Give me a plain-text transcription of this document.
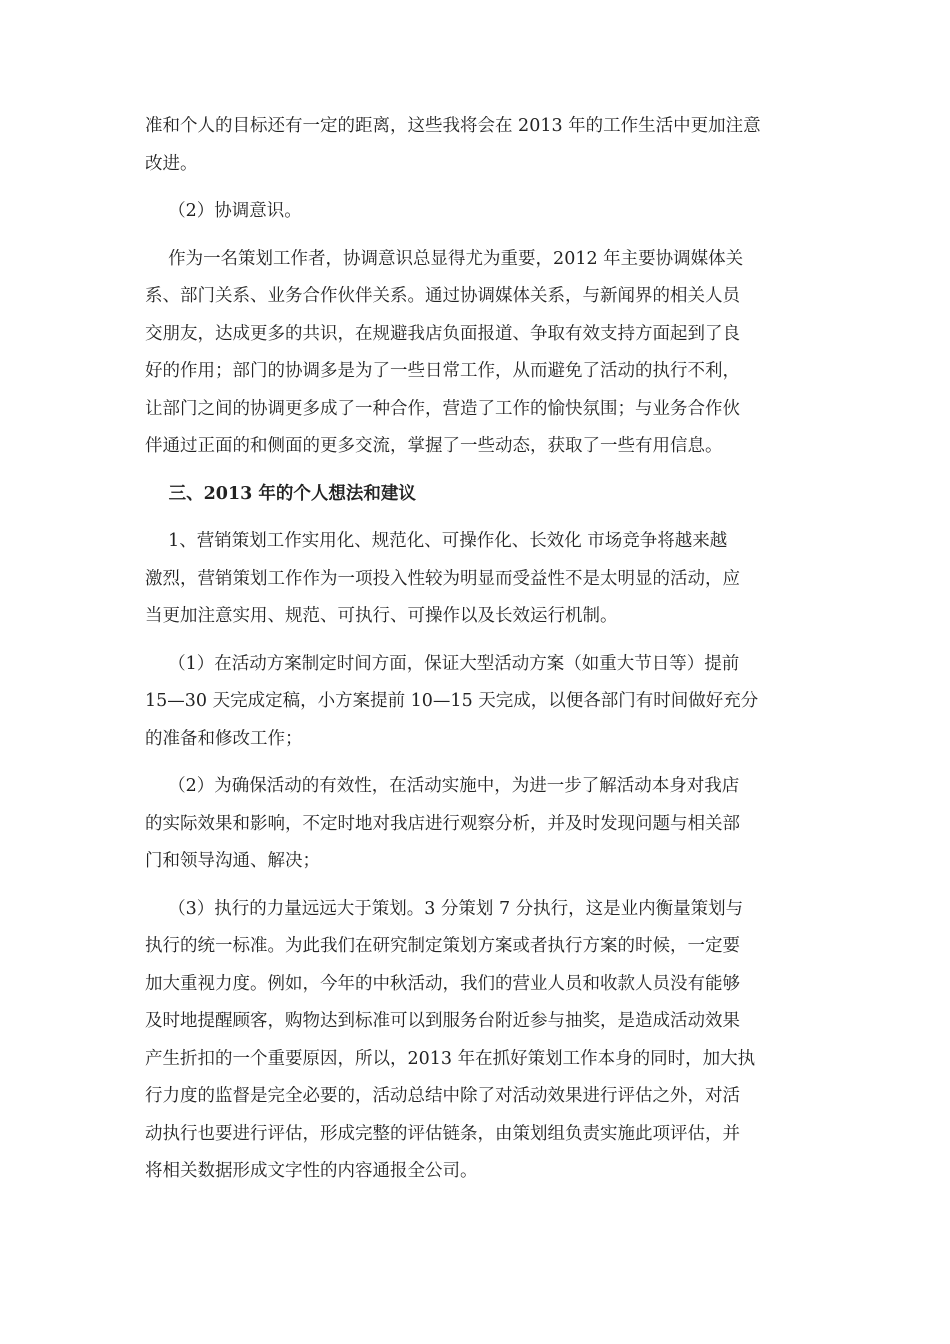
准和个人的目标还有一定的距离，这些我将会在 2013 年的工作生活中更加注意
改进。

　 （2）协调意识。

　 作为一名策划工作者，协调意识总显得尤为重要，2012 年主要协调媒体关
系、部门关系、业务合作伙伴关系。通过协调媒体关系，与新闻界的相关人员
交朋友，达成更多的共识，在规避我店负面报道、争取有效支持方面起到了良
好的作用；部门的协调多是为了一些日常工作，从而避免了活动的执行不利，
让部门之间的协调更多成了一种合作，营造了工作的愉快氛围；与业务合作伙
伴通过正面的和侧面的更多交流，掌握了一些动态，获取了一些有用信息。

　 三、2013 年的个人想法和建议

　 1、营销策划工作实用化、规范化、可操作化、长效化 市场竞争将越来越
激烈，营销策划工作作为一项投入性较为明显而受益性不是太明显的活动，应
当更加注意实用、规范、可执行、可操作以及长效运行机制。

　 （1）在活动方案制定时间方面，保证大型活动方案（如重大节日等）提前
15—30 天完成定稿，小方案提前 10—15 天完成，以便各部门有时间做好充分
的准备和修改工作；

　 （2）为确保活动的有效性，在活动实施中，为进一步了解活动本身对我店
的实际效果和影响，不定时地对我店进行观察分析，并及时发现问题与相关部
门和领导沟通、解决；

　 （3）执行的力量远远大于策划。3 分策划 7 分执行，这是业内衡量策划与
执行的统一标准。为此我们在研究制定策划方案或者执行方案的时候，一定要
加大重视力度。例如，今年的中秋活动，我们的营业人员和收款人员没有能够
及时地提醒顾客，购物达到标准可以到服务台附近参与抽奖，是造成活动效果
产生折扣的一个重要原因，所以，2013 年在抓好策划工作本身的同时，加大执
行力度的监督是完全必要的，活动总结中除了对活动效果进行评估之外，对活
动执行也要进行评估，形成完整的评估链条，由策划组负责实施此项评估，并
将相关数据形成文字性的内容通报全公司。
